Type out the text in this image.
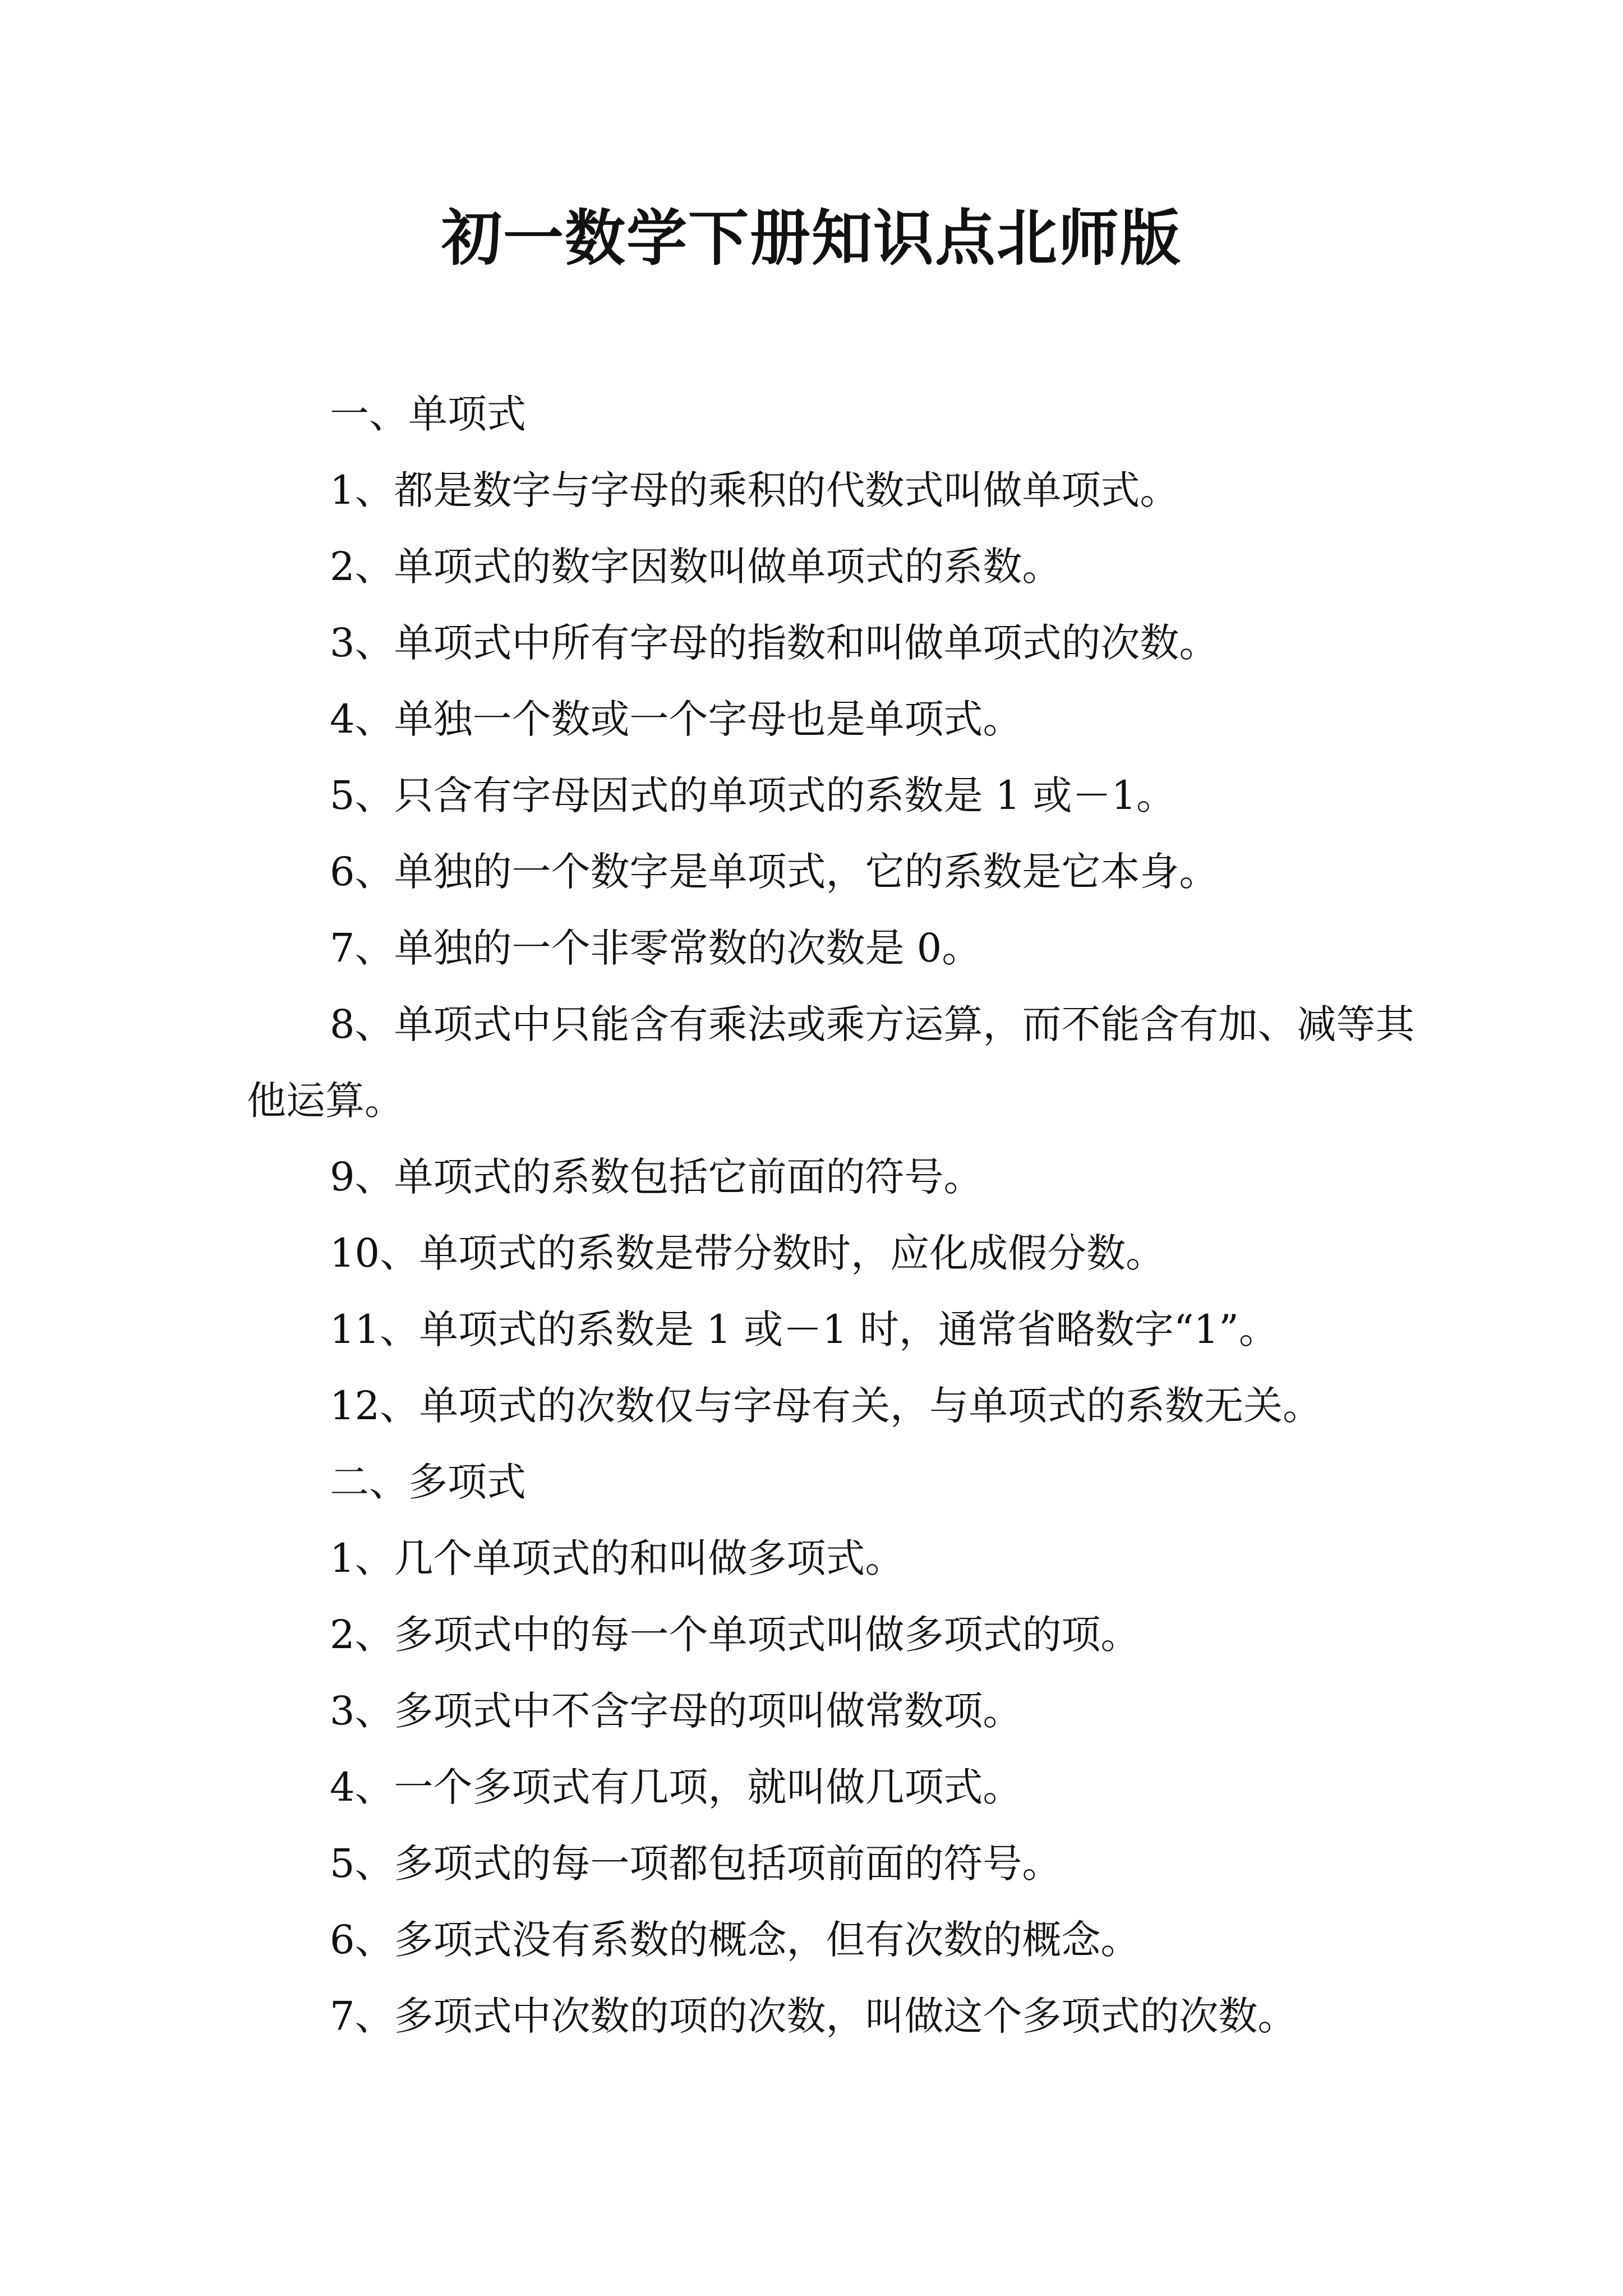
初一数学下册知识点北师版

一、单项式

1、都是数字与字母的乘积的代数式叫做单项式。

2、单项式的数字因数叫做单项式的系数。

3、单项式中所有字母的指数和叫做单项式的次数。

4、单独一个数或一个字母也是单项式。

5、只含有字母因式的单项式的系数是 1 或－1。

6、单独的一个数字是单项式，它的系数是它本身。

7、单独的一个非零常数的次数是 0。

8、单项式中只能含有乘法或乘方运算，而不能含有加、减等其他运算。

9、单项式的系数包括它前面的符号。

10、单项式的系数是带分数时，应化成假分数。

11、单项式的系数是 1 或－1 时，通常省略数字“1”。

12、单项式的次数仅与字母有关，与单项式的系数无关。

二、多项式

1、几个单项式的和叫做多项式。

2、多项式中的每一个单项式叫做多项式的项。

3、多项式中不含字母的项叫做常数项。

4、一个多项式有几项，就叫做几项式。

5、多项式的每一项都包括项前面的符号。

6、多项式没有系数的概念，但有次数的概念。

7、多项式中次数的项的次数，叫做这个多项式的次数。
